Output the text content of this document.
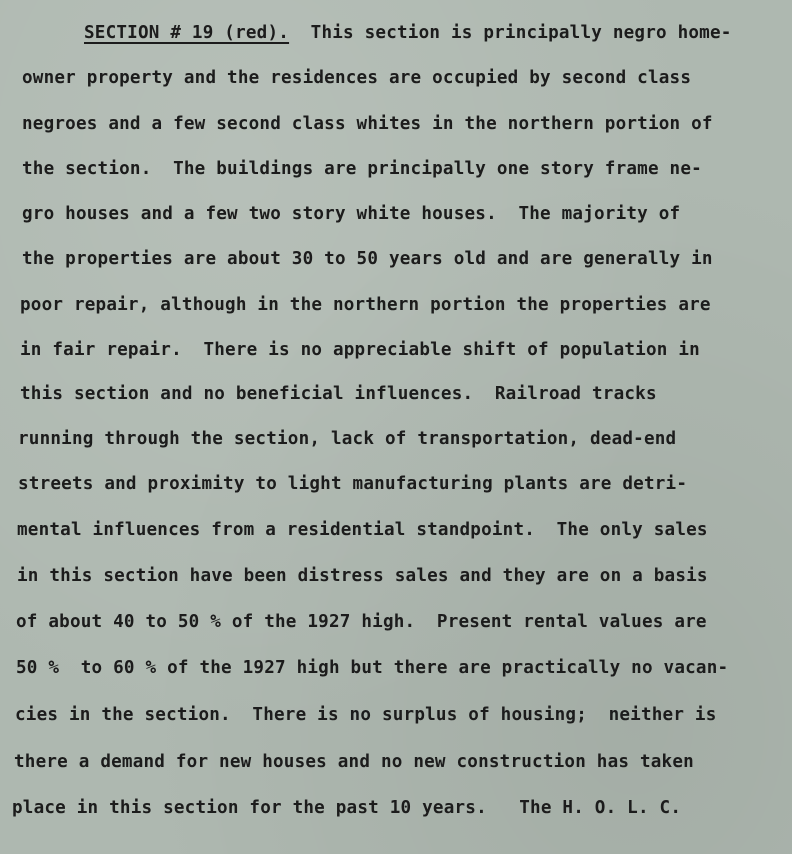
SECTION # 19 (red).  This section is principally negro home-
owner property and the residences are occupied by second class
negroes and a few second class whites in the northern portion of
the section.  The buildings are principally one story frame ne-
gro houses and a few two story white houses.  The majority of
the properties are about 30 to 50 years old and are generally in
poor repair, although in the northern portion the properties are
in fair repair.  There is no appreciable shift of population in
this section and no beneficial influences.  Railroad tracks
running through the section, lack of transportation, dead-end
streets and proximity to light manufacturing plants are detri-
mental influences from a residential standpoint.  The only sales
in this section have been distress sales and they are on a basis
of about 40 to 50 % of the 1927 high.  Present rental values are
50 %  to 60 % of the 1927 high but there are practically no vacan-
cies in the section.  There is no surplus of housing;  neither is
there a demand for new houses and no new construction has taken
place in this section for the past 10 years.   The H. O. L. C.
